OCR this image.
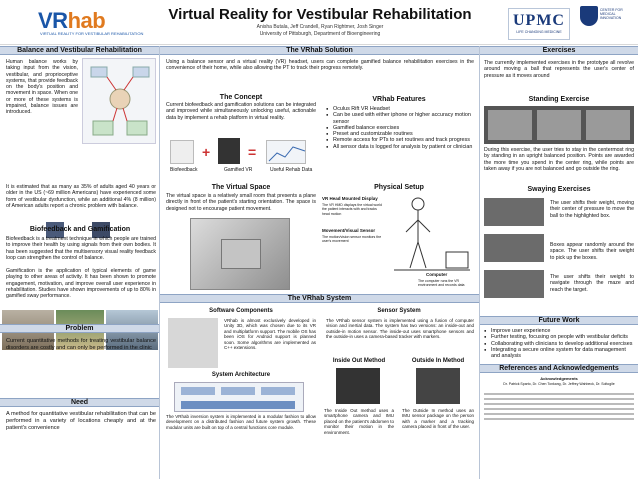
VRhab
VIRTUAL REALITY FOR VESTIBULAR REHABILITATION
Virtual Reality for Vestibular Rehabilitation
Anisha Butala, Jeff Crandell, Ryan Rightmer, Josh Singer
University of Pittsburgh, Department of Bioengineering
UPMC
LIFE CHANGING MEDICINE
CENTER FOR MEDICAL INNOVATION
Balance and Vestibular Rehabilitation
Human balance works by taking input from the vision, vestibular, and proprioceptive systems, that provide feedback on the body's position and movement in space. When one or more of these systems is impaired, balance issues are introduced.
It is estimated that as many as 35% of adults aged 40 years or older in the US (~69 million Americans) have experienced some form of vestibular dysfunction, while an additional 4% (8 million) of American adults report a chronic problem with balance.
Biofeedback and Gamification
Biofeedback is a treatment technique in which people are trained to improve their health by using signals from their own bodies. It has been suggested that the multisensory visual reality feedback loop can strengthen the control of balance.
Gamification is the application of typical elements of game playing to other areas of activity. It has been shown to promote engagement, motivation, and improve overall user experience in rehabilitation. Studies have shown improvements of up to 80% in gamified sway performance.
Problem
Current quantitative methods for treating vestibular balance disorders are costly and can only be performed in the clinic
Need
A method for quantitative vestibular rehabilitation that can be performed in a variety of locations cheaply and at the patient's convenience
The VRhab Solution
Using a balance sensor and a virtual reality (VR) headset, users can complete gamified balance rehabilitation exercises in the convenience of their home, while also allowing the PT to track their progress remotely.
The Concept
Current biofeedback and gamification solutions can be integrated and improved while simultaneously unlocking useful, actionable data by implement a rehab platform in virtual reality.
+	=
Biofeedback	Gamified VR	Useful Rehab Data
VRhab Features
● Oculus Rift VR Headset
● Can be used with either iphone or higher accuracy motion sensor
● Gamified balance exercises
● Preset and customizable routines
● Remote access for PTs to set routines and track progress
● All sensor data is logged for analysis by patient or clinician
The Virtual Space
The virtual space is a relatively small room that presents a plane directly in front of the patient's starting orientation. The space is designed not to encourage patient movement.
Physical Setup
VR Head Mounted Display
The VR HMD displays the virtual world the patient interacts with and tracks head motion
Movement/Visual Sensor
The motion/vision sensor monitors the user's movement
Computer
The computer runs the VR environment and records data
The VRhab System
Software Components
VRhab is almost exclusively developed in Unity 3D, which was chosen due to its VR and multiplatform support. The mobile OS has been iOS for Android support is planned soon. Some algorithms are implemented as C++ extensions.
Sensor System
The VRhab sensor system is implemented using a fusion of computer vision and inertial data. The system has two versions: an inside-out and outside-in motion sensor. The inside-out uses smartphone sensors and the outside-in uses a camera-based tracker with markers.
System Architecture
The VRhab inversion system is implemented in a modular fashion to allow development on a distributed fashion and future system growth. These modular units are built on top of a central functions core module.
Inside Out Method
The Inside Out method uses a smartphone camera and IMU placed on the patient's abdomen to monitor their motion in the environment.
Outside In Method
The Outside In method uses an IMU sensor package on the person with a marker and a tracking camera placed in front of the user.
Exercises
The currently implemented exercises in the prototype all revolve around moving a ball that represents the user's center of pressure as it moves around
Standing Exercise
During this exercise, the user tries to stay in the centermost ring by standing in an upright balanced position. Points are awarded the more time you spend in the center ring, while points are taken away if you are not balanced and go outside the ring.
Swaying Exercises
The user shifts their weight, moving their center of pressure to move the ball to the highlighted box.
Boxes appear randomly around the space. The user shifts their weight to pick up the boxes.
The user shifts their weight to navigate through the maze and reach the target.
Future Work
● Improve user experience
● Further testing, focusing on people with vestibular deficits
● Collaborating with clinicians to develop additional exercises
● Integrating a secure online system for data management and analysis
References and Acknowledgements
Acknowledgements
Dr. Patrick Sparto, Dr. Chen Tonkang, Dr. Jeffrey Wahbeck, Dr. Soltogile
